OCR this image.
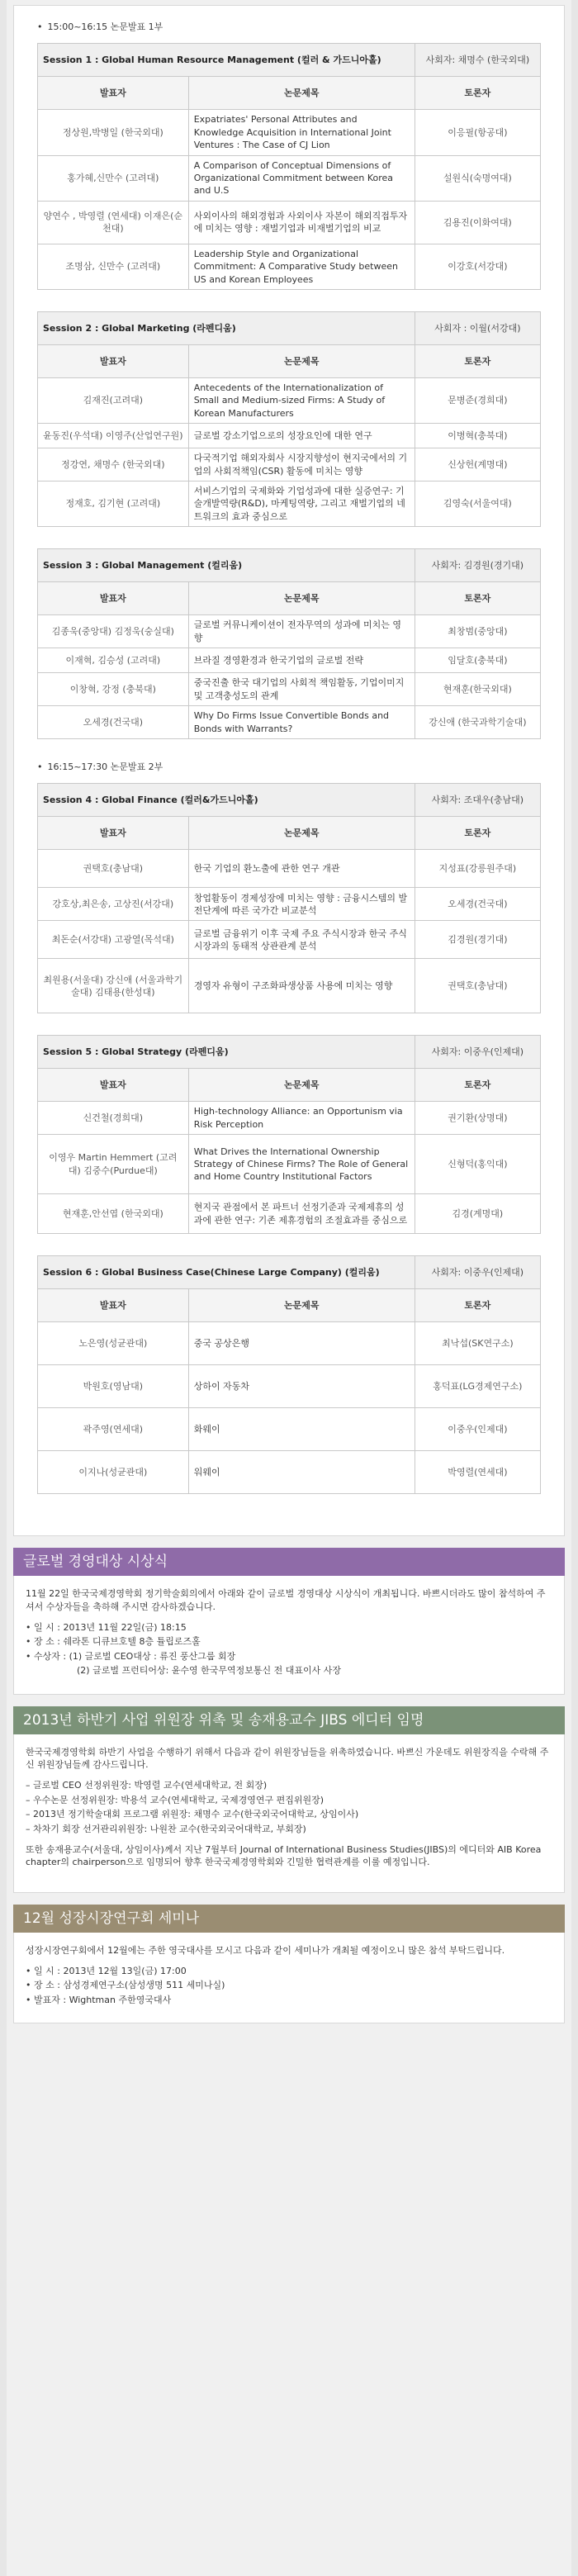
• 15:00~16:15 논문발표 1부
Session 1 : Global Human Resource Management (컬러 & 가드니아홀)		사회자: 채명수 (한국외대)
발표자	논문제목	토론자
정상원,박병일 (한국외대)	Expatriates' Personal Attributes and Knowledge Acquisition in International Joint Ventures : The Case of CJ Lion	이응필(항공대)
홍가혜,신만수 (고려대)	A Comparison of Conceptual Dimensions of Organizational Commitment between Korea and U.S	설원식(숙명여대)
양연수 , 박영렬 (연세대) 이재은(순천대)	사외이사의 해외경험과 사외이사 자본이 해외직접투자에 미치는 영향 : 재벌기업과 비재벌기업의 비교	김용진(이화여대)
조명삼, 신만수 (고려대)	Leadership Style and Organizational Commitment: A Comparative Study between US and Korean Employees	이강호(서강대)
Session 2 : Global Marketing (라펜디움)		사회자 : 이월(서강대)
발표자	논문제목	토론자
김재진(고려대)	Antecedents of the Internationalization of Small and Medium-sized Firms: A Study of Korean Manufacturers	문병준(경희대)
윤동진(우석대) 이영주(산업연구원)	글로벌 강소기업으로의 성장요인에 대한 연구	이병혁(충북대)
정강연, 채명수 (한국외대)	다국적기업 해외자회사 시장지향성이 현지국에서의 기업의 사회적책임(CSR) 활동에 미치는 영향	신상헌(계명대)
정재호, 김기현 (고려대)	서비스기업의 국제화와 기업성과에 대한 실증연구: 기술개발역량(R&D), 마케팅역량, 그리고 재벌기업의 네트워크의 효과 중심으로	김영숙(서울여대)
Session 3 : Global Management (컬리움)		사회자: 김경원(경기대)
발표자	논문제목	토론자
김종욱(중앙대) 김정욱(숭실대)	글로벌 커뮤니케이션이 전자무역의 성과에 미치는 영향	최창범(중앙대)
이재혁, 김승성 (고려대)	브라질 경영환경과 한국기업의 글로벌 전략	임달호(충북대)
이창혁, 강정 (충북대)	중국진출 한국 대기업의 사회적 책임활동, 기업이미지 및 고객충성도의 관계	현재훈(한국외대)
오세경(건국대)	Why Do Firms Issue Convertible Bonds and Bonds with Warrants?	강신애 (한국과학기술대)
• 16:15~17:30 논문발표 2부
Session 4 : Global Finance (컬러&가드니아홀)		사회자: 조대우(충남대)
발표자	논문제목	토론자
권택호(충남대)	한국 기업의 환노출에 관한 연구 개관	지성표(강릉원주대)
강호상,최은송, 고상진(서강대)	창업활동이 경제성장에 미치는 영향 : 금융시스템의 발전단계에 따른 국가간 비교분석	오세경(건국대)
최돈순(서강대) 고광열(목석대)	글로벌 금융위기 이후 국제 주요 주식시장과 한국 주식시장과의 동태적 상관관계 분석	김경원(경기대)
최원용(서울대) 강신애 (서울과학기술대) 김태용(한성대)	경영자 유형이 구조화파생상품 사용에 미치는 영향	권택호(충남대)
Session 5 : Global Strategy (라펜디움)		사회자: 이중우(인제대)
발표자	논문제목	토론자
신건철(경희대)	High-technology Alliance: an Opportunism via Risk Perception	권기환(상명대)
이영우 Martin Hemmert (고려대) 김중수(Purdue대)	What Drives the International Ownership Strategy of Chinese Firms? The Role of General and Home Country Institutional Factors	신형덕(홍익대)
현재훈,안선엽 (한국외대)	현지국 관점에서 본 파트너 선정기준과 국제제휴의 성과에 관한 연구: 기존 제휴경험의 조절효과를 중심으로	김경(계명대)
Session 6 : Global Business Case(Chinese Large Company) (컬리움)		사회자: 이중우(인제대)
발표자	논문제목	토론자
노은영(성균관대)	중국 공상은행	최낙섭(SK연구소)
박원호(영남대)	상하이 자동차	홍덕표(LG경제연구소)
곽주영(연세대)	화웨이	이중우(인제대)
이지나(성균관대)	워웨이	박영렬(연세대)
글로벌 경영대상 시상식

11월 22일 한국국제경영학회 정기학술회의에서 아래와 같이 글로벌 경영대상 시상식이 개최됩니다. 바쁘시더라도 많이 참석하여 주셔서 수상자들을 축하해 주시면 감사하겠습니다.

• 일 시 : 2013년 11월 22일(금) 18:15
• 장 소 : 쉐라톤 디큐브호텔 8층 튤립로즈홀
• 수상자 : (1) 글로벌 CEO대상 : 류진 풍산그룹 회장
(2) 글로벌 프런티어상: 윤수영 한국무역정보통신 전 대표이사 사장
2013년 하반기 사업 위원장 위촉 및 송재용교수 JIBS 에디터 임명

한국국제경영학회 하반기 사업을 수행하기 위해서 다음과 같이 위원장님들을 위촉하였습니다. 바쁘신 가운데도 위원장직을 수락해 주신 위원장님들께 감사드립니다.

– 글로벌 CEO 선정위원장: 박영렬 교수(연세대학교, 전 회장)
– 우수논문 선정위원장: 박용석 교수(연세대학교, 국제경영연구 편집위원장)
– 2013년 정기학술대회 프로그램 위원장: 채명수 교수(한국외국어대학교, 상임이사)
– 차차기 회장 선거관리위원장: 나원찬 교수(한국외국어대학교, 부회장)

또한 송재용교수(서울대, 상임이사)께서 지난 7월부터 Journal of International Business Studies(JIBS)의 에디터와 AIB Korea chapter의 chairperson으로 임명되어 향후 한국국제경영학회와 긴밀한 협력관계를 이룰 예정입니다.

12월 성장시장연구회 세미나

성장시장연구회에서 12월에는 주한 영국대사를 모시고 다음과 같이 세미나가 개최될 예정이오니 많은 참석 부탁드립니다.

• 일 시 : 2013년 12월 13일(금) 17:00
• 장 소 : 삼성경제연구소(삼성생명 511 세미나실)
• 발표자 : Wightman 주한영국대사
